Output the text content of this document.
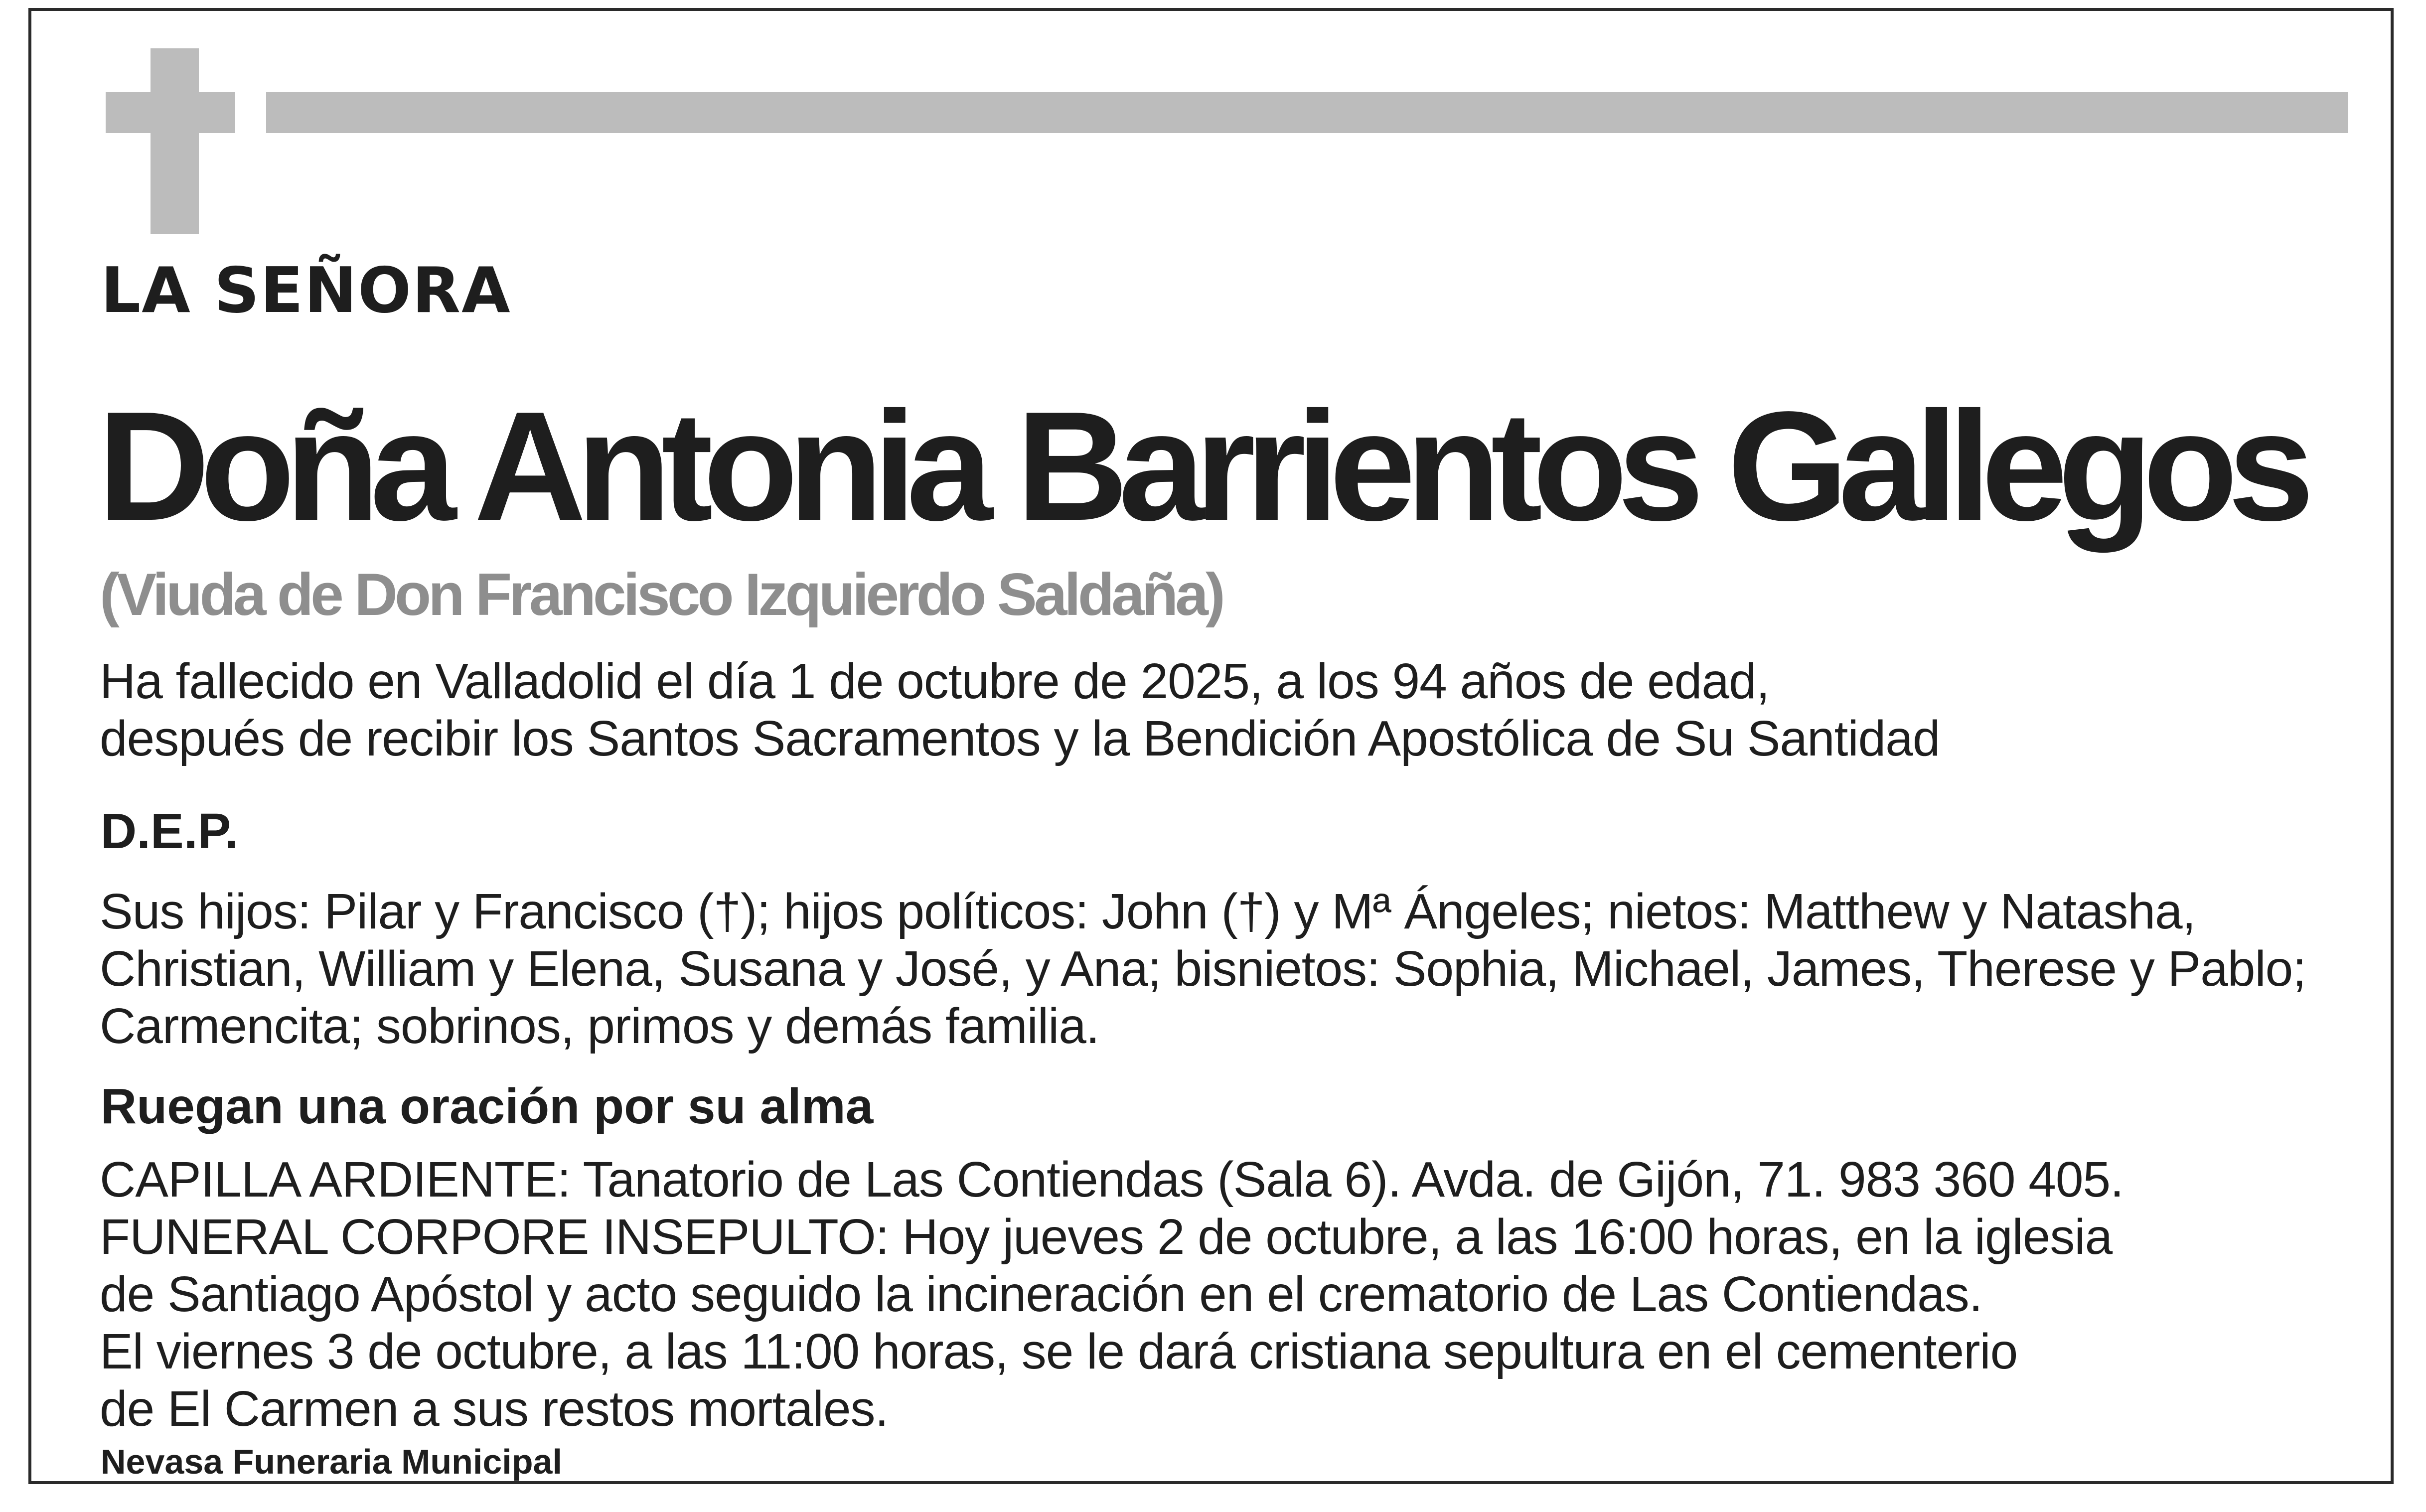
LA SEÑORA
Doña Antonia Barrientos Gallegos

(Viuda de Don Francisco Izquierdo Saldaña)

Ha fallecido en Valladolid el día 1 de octubre de 2025, a los 94 años de edad,
después de recibir los Santos Sacramentos y la Bendición Apostólica de Su Santidad

D.E.P.

Sus hijos: Pilar y Francisco (†); hijos políticos: John (†) y Mª Ángeles; nietos: Matthew y Natasha,
Christian, William y Elena, Susana y José, y Ana; bisnietos: Sophia, Michael, James, Therese y Pablo;
Carmencita; sobrinos, primos y demás familia.

Ruegan una oración por su alma

CAPILLA ARDIENTE: Tanatorio de Las Contiendas (Sala 6). Avda. de Gijón, 71. 983 360 405.
FUNERAL CORPORE INSEPULTO: Hoy jueves 2 de octubre, a las 16:00 horas, en la iglesia
de Santiago Apóstol y acto seguido la incineración en el crematorio de Las Contiendas.
El viernes 3 de octubre, a las 11:00 horas, se le dará cristiana sepultura en el cementerio
de El Carmen a sus restos mortales.

Nevasa Funeraria Municipal
